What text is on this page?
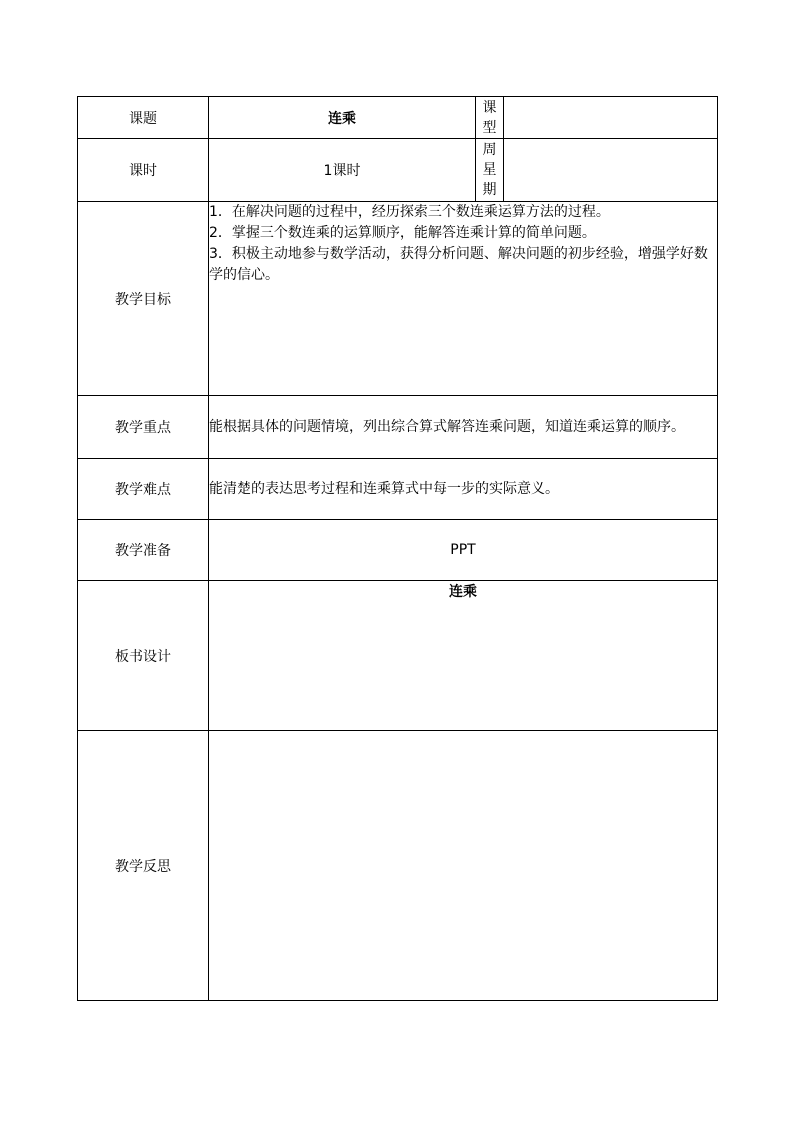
课题	连乘	课
型	

课时	1课时	周
星
期	

教学目标	1．在解决问题的过程中，经历探索三个数连乘运算方法的过程。
2．掌握三个数连乘的运算顺序，能解答连乘计算的简单问题。
3．积极主动地参与数学活动，获得分析问题、解决问题的初步经验，增强学好数学的信心。		

教学重点	能根据具体的问题情境，列出综合算式解答连乘问题，知道连乘运算的顺序。		
教学难点	能清楚的表达思考过程和连乘算式中每一步的实际意义。		
教学准备	PPT		
板书设计	连乘		
教学反思			
